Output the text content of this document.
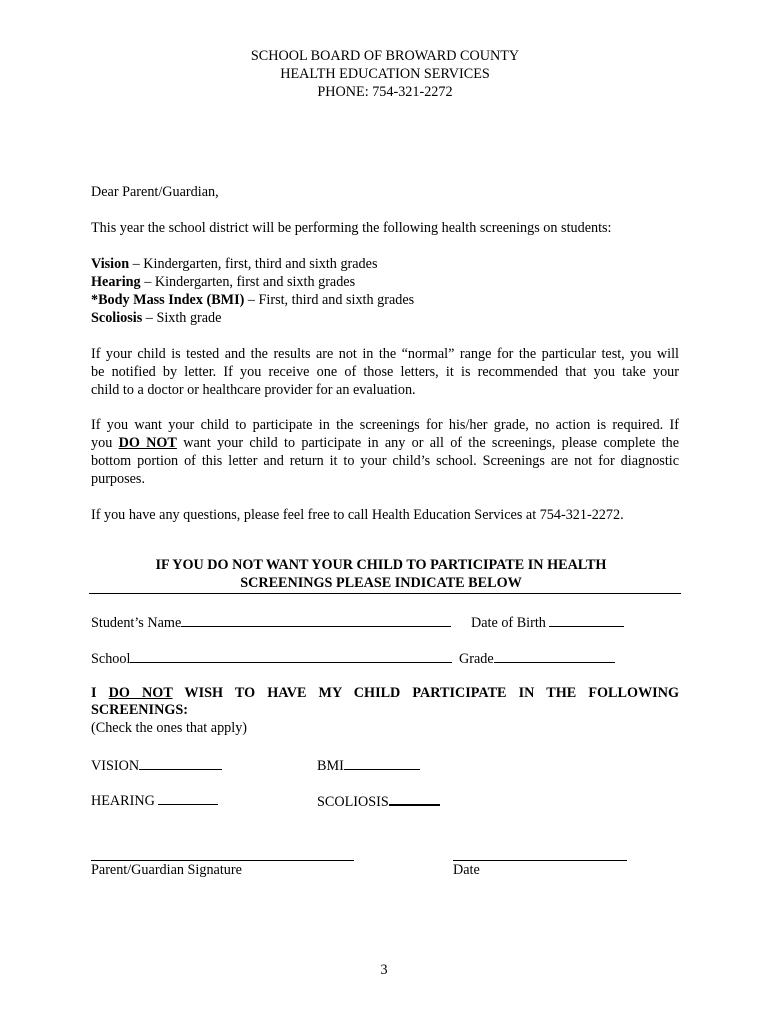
SCHOOL BOARD OF BROWARD COUNTY
HEALTH EDUCATION SERVICES
PHONE: 754-321-2272
Dear Parent/Guardian,
This year the school district will be performing the following health screenings on students:
Vision – Kindergarten, first, third and sixth grades
Hearing – Kindergarten, first and sixth grades
*Body Mass Index (BMI) – First, third and sixth grades
Scoliosis – Sixth grade
If your child is tested and the results are not in the “normal” range for the particular test, you will
be notified by letter. If you receive one of those letters, it is recommended that you take your
child to a doctor or healthcare provider for an evaluation.
If you want your child to participate in the screenings for his/her grade, no action is required. If
you DO NOT want your child to participate in any or all of the screenings, please complete the
bottom portion of this letter and return it to your child’s school. Screenings are not for diagnostic
purposes.
If you have any questions, please feel free to call Health Education Services at 754-321-2272.
IF YOU DO NOT WANT YOUR CHILD TO PARTICIPATE IN HEALTH
SCREENINGS PLEASE INDICATE BELOW
Student’s Name	Date of Birth
School	Grade
I DO NOT WISH TO HAVE MY CHILD PARTICIPATE IN THE FOLLOWING
SCREENINGS:
(Check the ones that apply)
VISION	BMI
HEARING	SCOLIOSIS
Parent/Guardian Signature	Date
3
